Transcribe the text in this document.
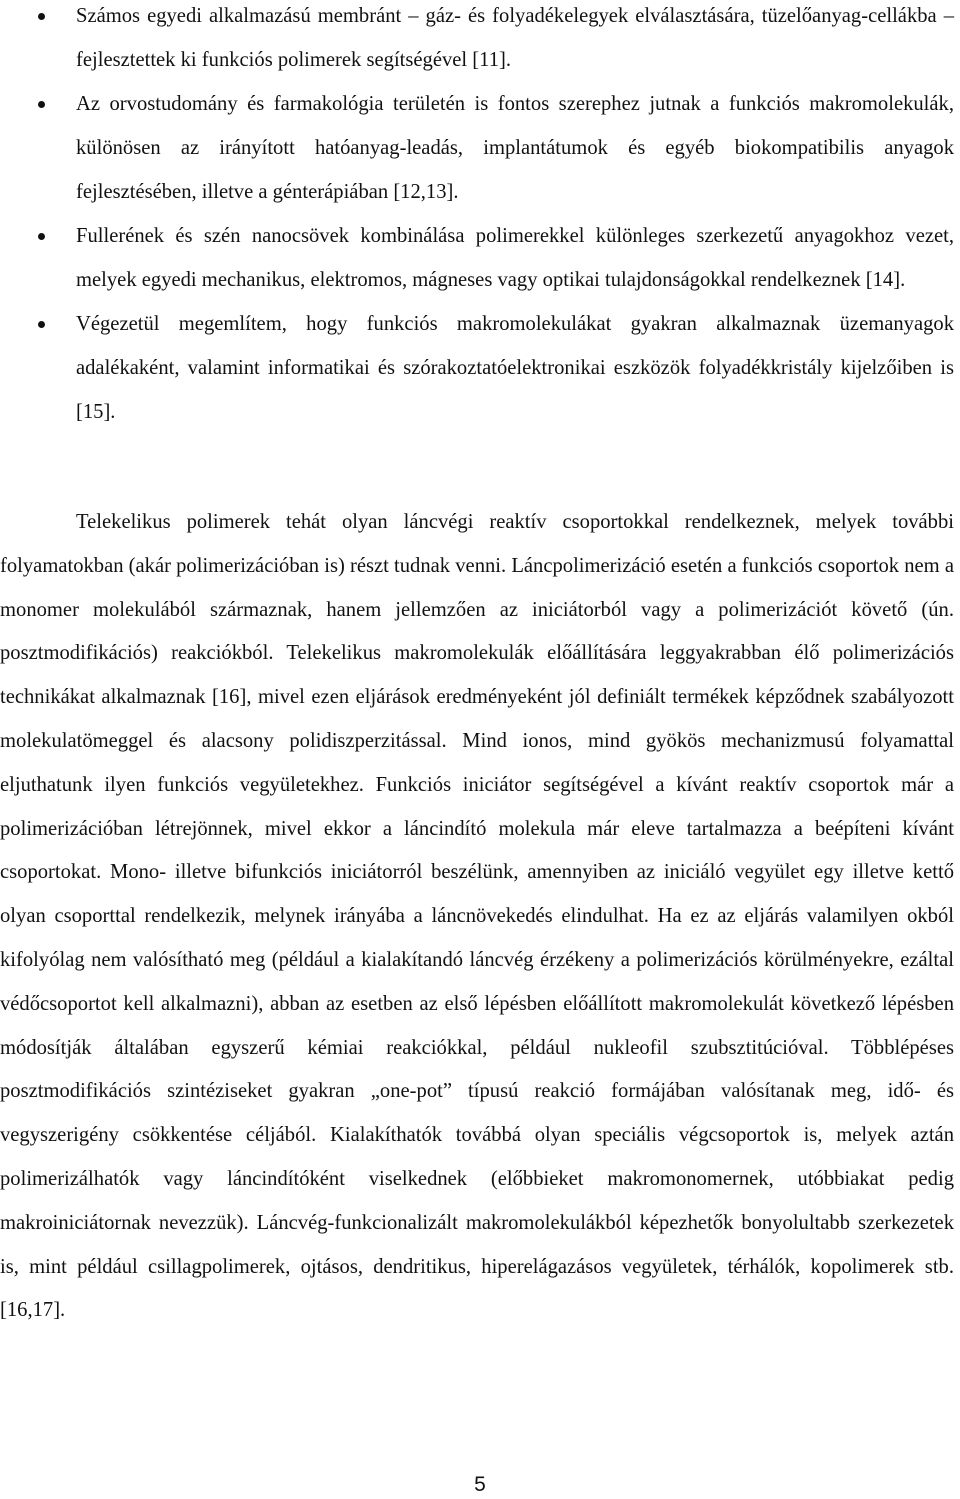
Számos egyedi alkalmazású membránt – gáz- és folyadékelegyek elválasztására, tüzelőanyag-cellákba – fejlesztettek ki funkciós polimerek segítségével [11].
Az orvostudomány és farmakológia területén is fontos szerephez jutnak a funkciós makromolekulák, különösen az irányított hatóanyag-leadás, implantátumok és egyéb biokompatibilis anyagok fejlesztésében, illetve a génterápiában [12,13].
Fullerének és szén nanocsövek kombinálása polimerekkel különleges szerkezetű anyagokhoz vezet, melyek egyedi mechanikus, elektromos, mágneses vagy optikai tulajdonságokkal rendelkeznek [14].
Végezetül megemlítem, hogy funkciós makromolekulákat gyakran alkalmaznak üzemanyagok adalékaként, valamint informatikai és szórakoztatóelektronikai eszközök folyadékkristály kijelzőiben is [15].

Telekelikus polimerek tehát olyan láncvégi reaktív csoportokkal rendelkeznek, melyek további folyamatokban (akár polimerizációban is) részt tudnak venni. Láncpolimerizáció esetén a funkciós csoportok nem a monomer molekulából származnak, hanem jellemzően az iniciátorból vagy a polimerizációt követő (ún. posztmodifikációs) reakciókból. Telekelikus makromolekulák előállítására leggyakrabban élő polimerizációs technikákat alkalmaznak [16], mivel ezen eljárások eredményeként jól definiált termékek képződnek szabályozott molekulatömeggel és alacsony polidiszperzitással. Mind ionos, mind gyökös mechanizmusú folyamattal eljuthatunk ilyen funkciós vegyületekhez. Funkciós iniciátor segítségével a kívánt reaktív csoportok már a polimerizációban létrejönnek, mivel ekkor a láncindító molekula már eleve tartalmazza a beépíteni kívánt csoportokat. Mono- illetve bifunkciós iniciátorról beszélünk, amennyiben az iniciáló vegyület egy illetve kettő olyan csoporttal rendelkezik, melynek irányába a láncnövekedés elindulhat. Ha ez az eljárás valamilyen okból kifolyólag nem valósítható meg (például a kialakítandó láncvég érzékeny a polimerizációs körülményekre, ezáltal védőcsoportot kell alkalmazni), abban az esetben az első lépésben előállított makromolekulát következő lépésben módosítják általában egyszerű kémiai reakciókkal, például nukleofil szubsztitúcióval. Többlépéses posztmodifikációs szintéziseket gyakran „one-pot” típusú reakció formájában valósítanak meg, idő- és vegyszerigény csökkentése céljából. Kialakíthatók továbbá olyan speciális végcsoportok is, melyek aztán polimerizálhatók vagy láncindítóként viselkednek (előbbieket makromonomernek, utóbbiakat pedig makroiniciátornak nevezzük). Láncvég-funkcionalizált makromolekulákból képezhetők bonyolultabb szerkezetek is, mint például csillagpolimerek, ojtásos, dendritikus, hiperelágazásos vegyületek, térhálók, kopolimerek stb. [16,17].

5
